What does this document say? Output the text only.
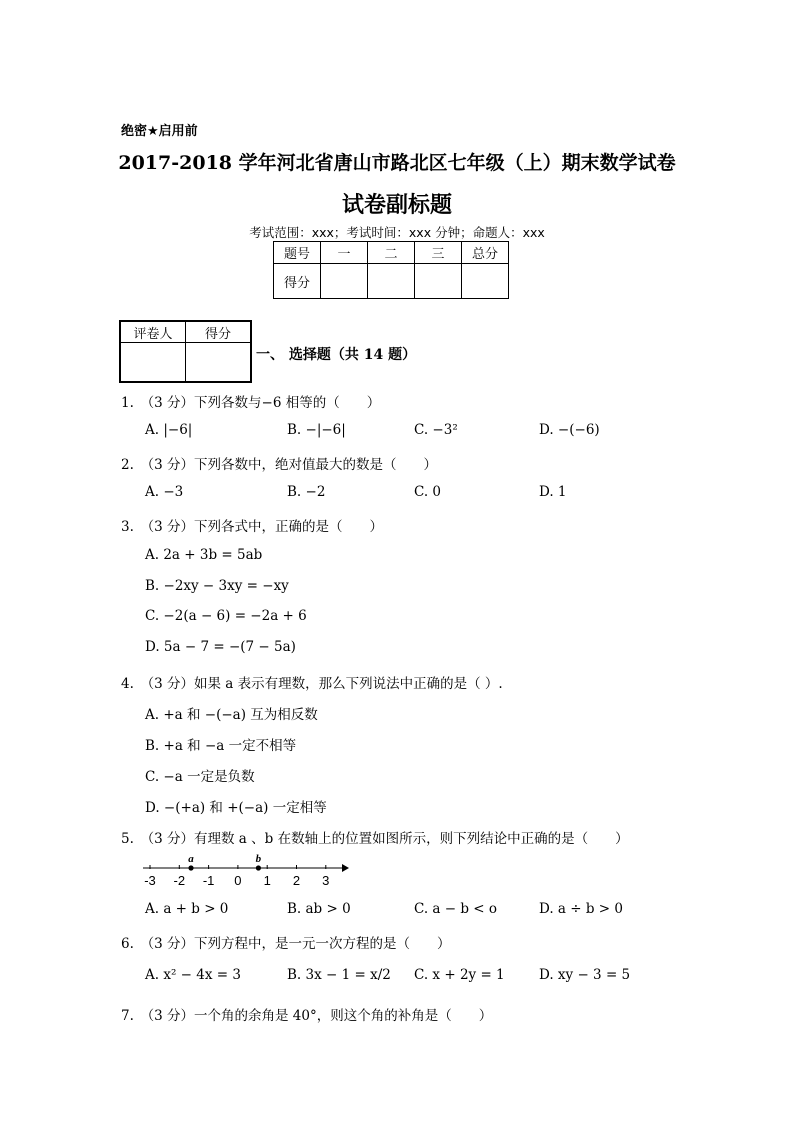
绝密★启用前
2017-2018 学年河北省唐山市路北区七年级（上）期末数学试卷
试卷副标题
考试范围：xxx；考试时间：xxx 分钟；命题人：xxx
题号	一	二	三	总分
得分				
评卷人	得分

一、 选择题（共 14 题）
1.　（3 分）下列各数与−6 相等的（　　）
A. |−6|	B. −|−6|	C. −3²	D. −(−6)
2.　（3 分）下列各数中，绝对值最大的数是（　　）
A. −3	B. −2	C. 0	D. 1
3.　（3 分）下列各式中，正确的是（　　）
A. 2a + 3b = 5ab
B. −2xy − 3xy = −xy
C. −2(a − 6) = −2a + 6
D. 5a − 7 = −(7 − 5a)
4.　（3 分）如果 a 表示有理数，那么下列说法中正确的是（ ）.
A. +a 和 −(−a) 互为相反数
B. +a 和 −a 一定不相等
C. −a 一定是负数
D. −(+a) 和 +(−a) 一定相等
5.　（3 分）有理数 a 、b 在数轴上的位置如图所示，则下列结论中正确的是（　　）
-3 -2 -1 0 1 2 3
a	b
A. a + b > 0	B. ab > 0	C. a − b < o	D. a ÷ b > 0
6.　（3 分）下列方程中，是一元一次方程的是（　　）
A. x² − 4x = 3	B. 3x − 1 = x/2 C. x + 2y = 1	D. xy − 3 = 5
7.　（3 分）一个角的余角是 40°，则这个角的补角是（　　）
